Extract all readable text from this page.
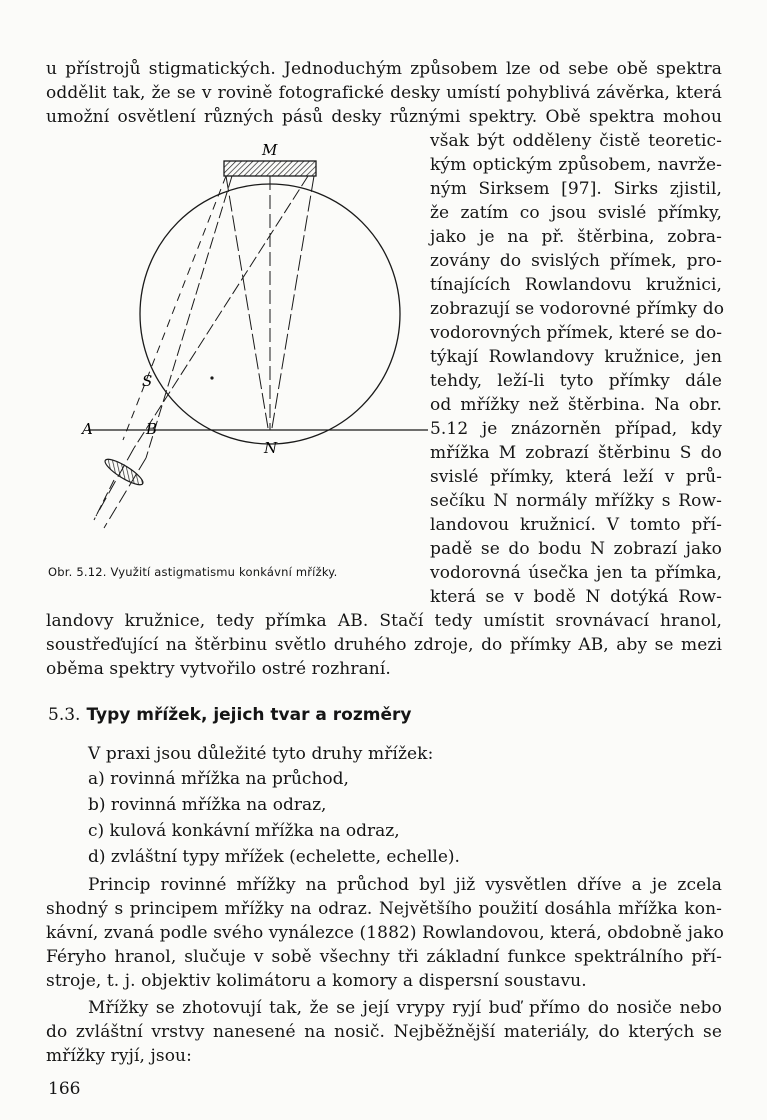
u přístrojů stigmatických. Jednoduchým způsobem lze od sebe obě spektra
oddělit tak, že se v rovině fotografické desky umístí pohyblivá závěrka, která
umožní osvětlení různých pásů desky různými spektry. Obě spektra mohou
však být odděleny čistě teoretic-
kým optickým způsobem, navrže-
ným Sirksem [97]. Sirks zjistil,
že zatím co jsou svislé přímky,
jako je na př. štěrbina, zobra-
zovány do svislých přímek, pro-
tínajících Rowlandovu kružnici,
zobrazují se vodorovné přímky do
vodorovných přímek, které se do-
týkají Rowlandovy kružnice, jen
tehdy, leží-li tyto přímky dále
od mřížky než štěrbina. Na obr.
5.12 je znázorněn případ, kdy
mřížka M zobrazí štěrbinu S do
svislé přímky, která leží v prů-
sečíku N normály mřížky s Row-
landovou kružnicí. V tomto pří-
padě se do bodu N zobrazí jako
vodorovná úsečka jen ta přímka,
která se v bodě N dotýká Row-
M
S
A	B
N
Obr. 5.12. Využití astigmatismu konkávní mřížky.
landovy kružnice, tedy přímka AB. Stačí tedy umístit srovnávací hranol,
soustřeďující na štěrbinu světlo druhého zdroje, do přímky AB, aby se mezi
oběma spektry vytvořilo ostré rozhraní.
5.3. Typy mřížek, jejich tvar a rozměry
V praxi jsou důležité tyto druhy mřížek:
a) rovinná mřížka na průchod,
b) rovinná mřížka na odraz,
c) kulová konkávní mřížka na odraz,
d) zvláštní typy mřížek (echelette, echelle).
Princip rovinné mřížky na průchod byl již vysvětlen dříve a je zcela
shodný s principem mřížky na odraz. Největšího použití dosáhla mřížka kon-
kávní, zvaná podle svého vynálezce (1882) Rowlandovou, která, obdobně jako
Féryho hranol, slučuje v sobě všechny tři základní funkce spektrálního pří-
stroje, t. j. objektiv kolimátoru a komory a dispersní soustavu.
Mřížky se zhotovují tak, že se její vrypy ryjí buď přímo do nosiče nebo
do zvláštní vrstvy nanesené na nosič. Nejběžnější materiály, do kterých se
mřížky ryjí, jsou:
166
